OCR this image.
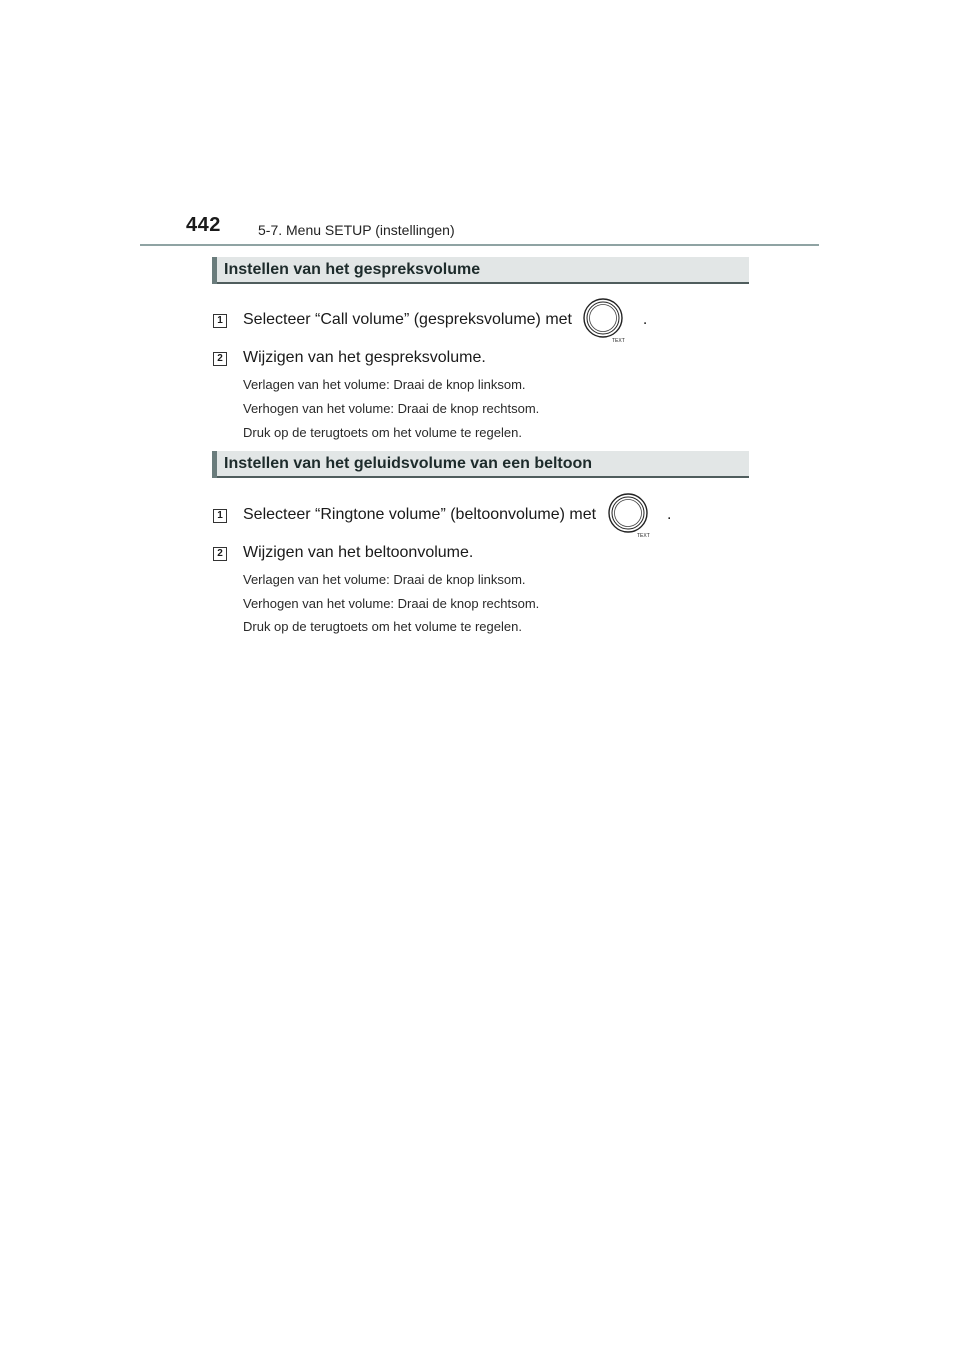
442	5-7. Menu SETUP (instellingen)
Instellen van het gespreksvolume
1 Selecteer “Call volume” (gespreksvolume) met
TEXT
.
2 Wijzigen van het gespreksvolume.
Verlagen van het volume: Draai de knop linksom.
Verhogen van het volume: Draai de knop rechtsom.
Druk op de terugtoets om het volume te regelen.
Instellen van het geluidsvolume van een beltoon
1 Selecteer “Ringtone volume” (beltoonvolume) met
TEXT
.
2 Wijzigen van het beltoonvolume.
Verlagen van het volume: Draai de knop linksom.
Verhogen van het volume: Draai de knop rechtsom.
Druk op de terugtoets om het volume te regelen.
